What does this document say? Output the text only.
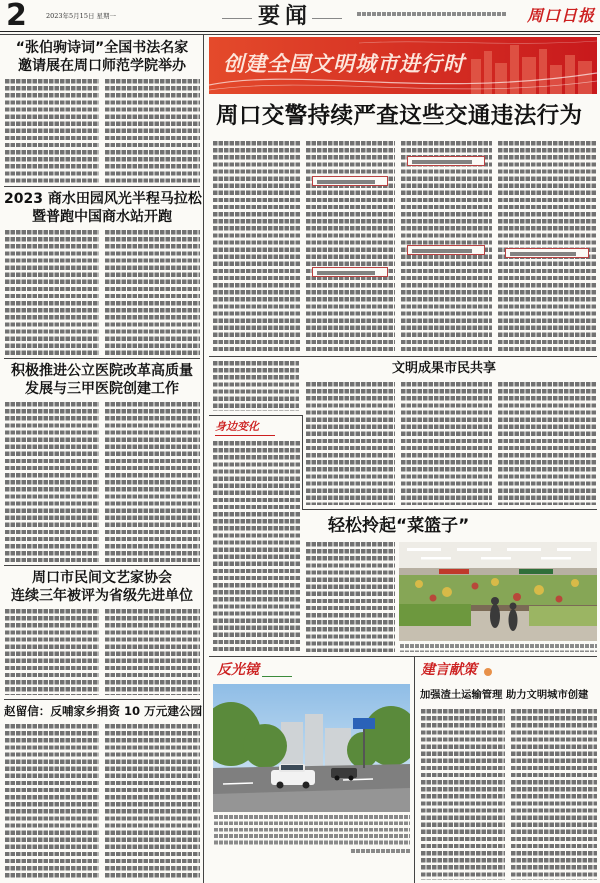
2	2023年5月15日 星期一	要闻	周口日报
“张伯驹诗词”全国书法名家
邀请展在周口师范学院举办
2023 商水田园风光半程马拉松
暨普跑中国商水站开跑
积极推进公立医院改革高质量
发展与三甲医院创建工作
周口市民间文艺家协会
连续三年被评为省级先进单位
赵留信：反哺家乡捐资 10 万元建公园
创建全国文明城市进行时
周口交警持续严查这些交通违法行为
文明成果市民共享
身边变化
轻松拎起“菜篮子”
反光镜	建言献策
加强渣土运输管理 助力文明城市创建
